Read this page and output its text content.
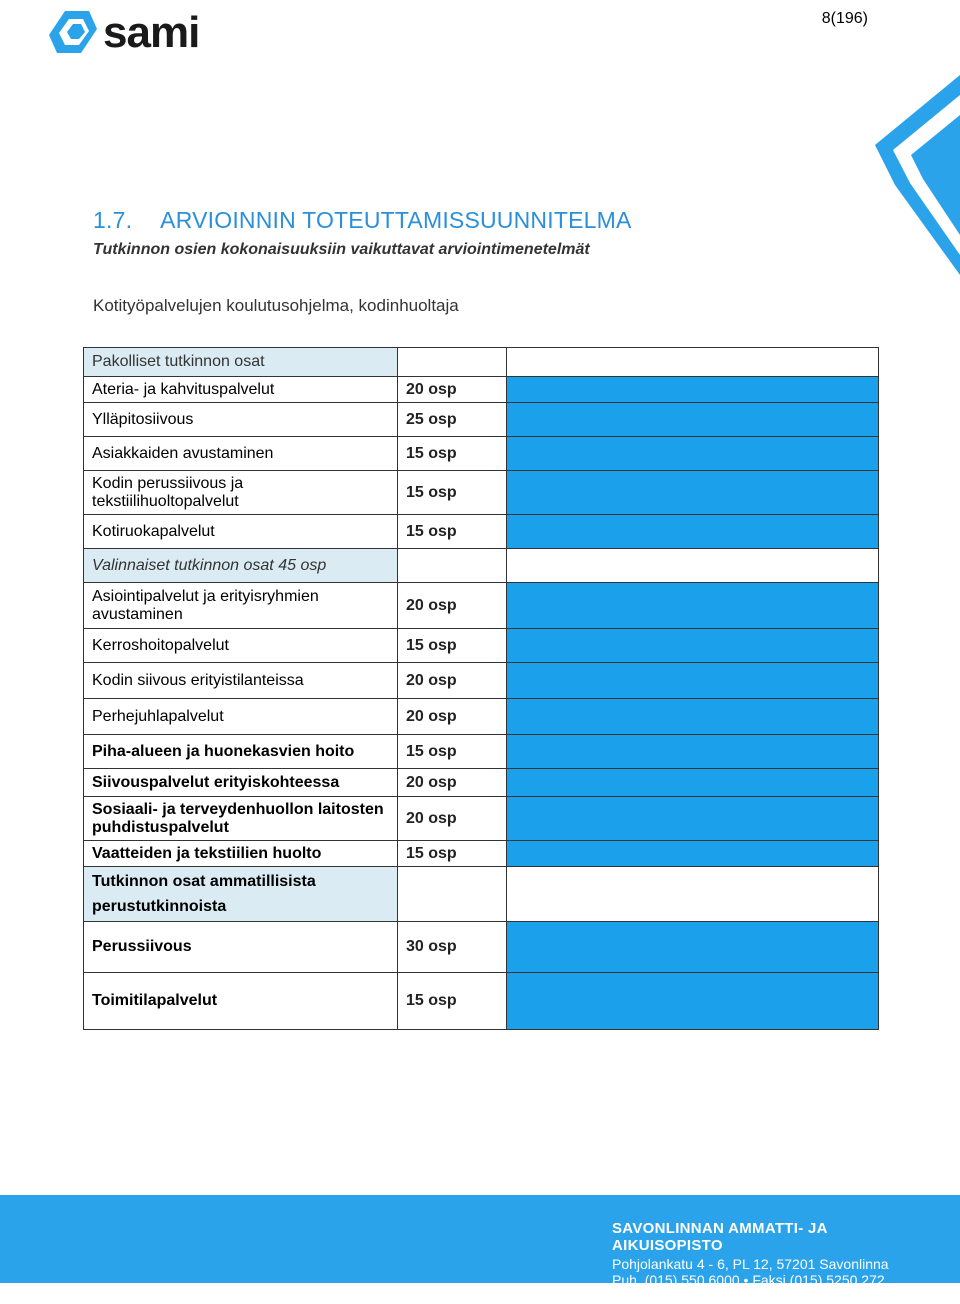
sami	8(196)
1.7. ARVIOINNIN TOTEUTTAMISSUUNNITELMA
Tutkinnon osien kokonaisuuksiin vaikuttavat arviointimenetelmät
Kotityöpalvelujen koulutusohjelma, kodinhuoltaja
Pakolliset tutkinnon osat		
Ateria- ja kahvituspalvelut	20 osp	
Ylläpitosiivous	25 osp	
Asiakkaiden avustaminen	15 osp	
Kodin perussiivous ja tekstiilihuoltopalvelut	15 osp	
Kotiruokapalvelut	15 osp	
Valinnaiset tutkinnon osat 45 osp		
Asiointipalvelut ja erityisryhmien avustaminen	20 osp	
Kerroshoitopalvelut	15 osp	
Kodin siivous erityistilanteissa	20 osp	
Perhejuhlapalvelut	20 osp	
Piha-alueen ja huonekasvien hoito	15 osp	
Siivouspalvelut erityiskohteessa	20 osp	
Sosiaali- ja terveydenhuollon laitosten puhdistuspalvelut	20 osp	
Vaatteiden ja tekstiilien huolto	15 osp	
Tutkinnon osat ammatillisista perustutkinnoista		
Perussiivous	30 osp	
Toimitilapalvelut	15 osp	
SAVONLINNAN AMMATTI- JA AIKUISOPISTO
Pohjolankatu 4 - 6, PL 12, 57201 Savonlinna
Puh. (015) 550 6000 • Faksi (015) 5250 272
sami@samiedu.fi • www.samiedu.fi
